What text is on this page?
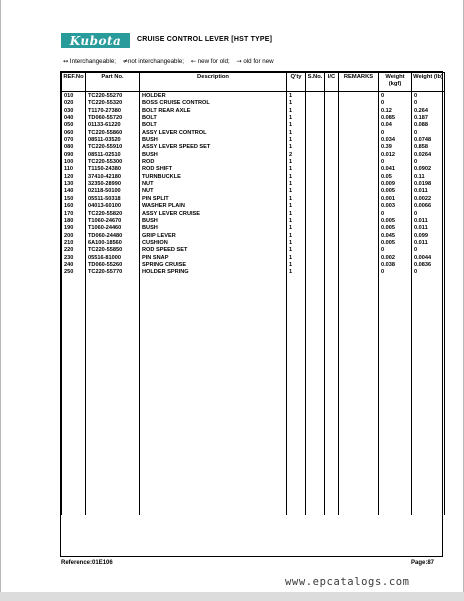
Kubota	CRUISE CONTROL LEVER [HST TYPE]
↔ Interchangeable; ≠not interchangeable; ← new for old; → old for new
REF.No	Part No.	Description	Q'ty	S.No.	I/C	REMARKS	Weight (kgf)	Weight (lb)
010	TC220-55270	HOLDER	1				0	0
020	TC220-55320	BOSS CRUISE CONTROL	1				0	0
030	T1170-27380	BOLT REAR AXLE	1				0.12	0.264
040	TD060-55720	BOLT	1				0.085	0.187
050	01133-61220	BOLT	1				0.04	0.088
060	TC220-55860	ASSY LEVER CONTROL	1				0	0
070	08511-03520	BUSH	1				0.034	0.0748
080	TC220-55910	ASSY LEVER SPEED SET	1				0.39	0.858
090	08511-02510	BUSH	2				0.012	0.0264
100	TC220-55300	ROD	1				0	0
110	T1150-24380	ROD SHIFT	1				0.041	0.0902
120	37410-42180	TURNBUCKLE	1				0.05	0.11
130	32350-28990	NUT	1				0.009	0.0198
140	02118-50100	NUT	1				0.005	0.011
150	05511-50318	PIN SPLIT	1				0.001	0.0022
160	04013-60100	WASHER PLAIN	1				0.003	0.0066
170	TC220-55820	ASSY LEVER CRUISE	1				0	0
180	T1060-24670	BUSH	1				0.005	0.011
190	T1060-24460	BUSH	1				0.005	0.011
200	TD060-24480	GRIP LEVER	1				0.045	0.099
210	6A100-18560	CUSHION	1				0.005	0.011
220	TC220-55850	ROD SPEED SET	1				0	0
230	05516-81000	PIN SNAP	1				0.002	0.0044
240	TD060-55260	SPRING CRUISE	1				0.038	0.0836
250	TC220-55770	HOLDER SPRING	1				0	0

Reference:01E106	Page:87
www.epcatalogs.com
